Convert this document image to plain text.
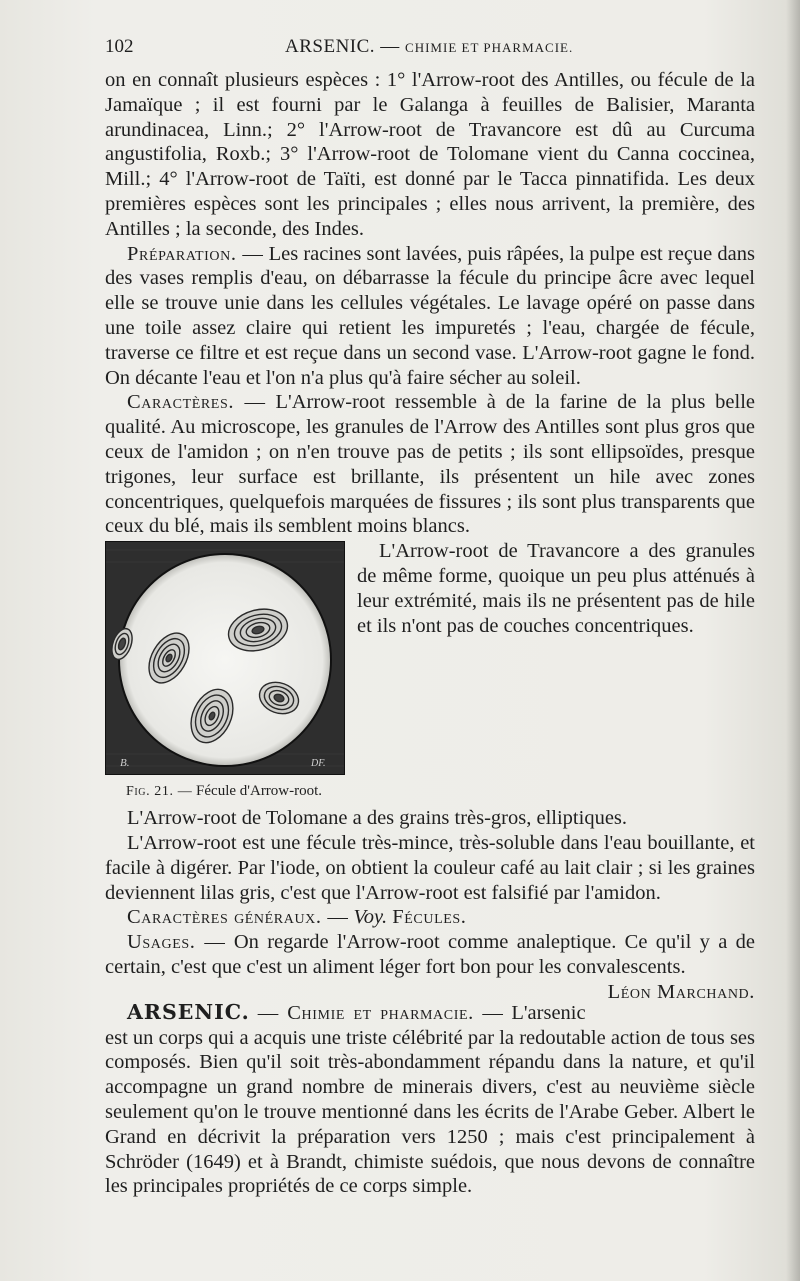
102	ARSENIC. — CHIMIE ET PHARMACIE.

on en connaît plusieurs espèces : 1° l'Arrow-root des Antilles, ou fécule de la Jamaïque ; il est fourni par le Galanga à feuilles de Balisier, Maranta arundinacea, Linn.; 2° l'Arrow-root de Travancore est dû au Curcuma angustifolia, Roxb.; 3° l'Arrow-root de Tolomane vient du Canna coccinea, Mill.; 4° l'Arrow-root de Taïti, est donné par le Tacca pinnatifida. Les deux premières espèces sont les principales ; elles nous arrivent, la première, des Antilles ; la seconde, des Indes.

Préparation. — Les racines sont lavées, puis râpées, la pulpe est reçue dans des vases remplis d'eau, on débarrasse la fécule du principe âcre avec lequel elle se trouve unie dans les cellules végétales. Le lavage opéré on passe dans une toile assez claire qui retient les impuretés ; l'eau, chargée de fécule, traverse ce filtre et est reçue dans un second vase. L'Arrow-root gagne le fond. On décante l'eau et l'on n'a plus qu'à faire sécher au soleil.

Caractères. — L'Arrow-root ressemble à de la farine de la plus belle qualité. Au microscope, les granules de l'Arrow des Antilles sont plus gros que ceux de l'amidon ; on n'en trouve pas de petits ; ils sont ellipsoïdes, presque trigones, leur surface est brillante, ils présentent un hile avec zones concentriques, quelquefois marquées de fissures ; ils sont plus transparents que ceux du blé, mais ils semblent moins blancs.

B.	DF.
Fig. 21. — Fécule d'Arrow-root.

L'Arrow-root de Travancore a des granules de même forme, quoique un peu plus atténués à leur extrémité, mais ils ne présentent pas de hile et ils n'ont pas de couches concentriques.

L'Arrow-root de Tolomane a des grains très-gros, elliptiques.

L'Arrow-root est une fécule très-mince, très-soluble dans l'eau bouillante, et facile à digérer. Par l'iode, on obtient la couleur café au lait clair ; si les graines deviennent lilas gris, c'est que l'Arrow-root est falsifié par l'amidon.

Caractères généraux. — Voy. Fécules.

Usages. — On regarde l'Arrow-root comme analeptique. Ce qu'il y a de certain, c'est que c'est un aliment léger fort bon pour les convalescents.
Léon Marchand.

ARSENIC. — Chimie et pharmacie. — L'arsenic est un corps qui a acquis une triste célébrité par la redoutable action de tous ses composés. Bien qu'il soit très-abondamment répandu dans la nature, et qu'il accompagne un grand nombre de minerais divers, c'est au neuvième siècle seulement qu'on le trouve mentionné dans les écrits de l'Arabe Geber. Albert le Grand en décrivit la préparation vers 1250 ; mais c'est principalement à Schröder (1649) et à Brandt, chimiste suédois, que nous devons de connaître les principales propriétés de ce corps simple.
